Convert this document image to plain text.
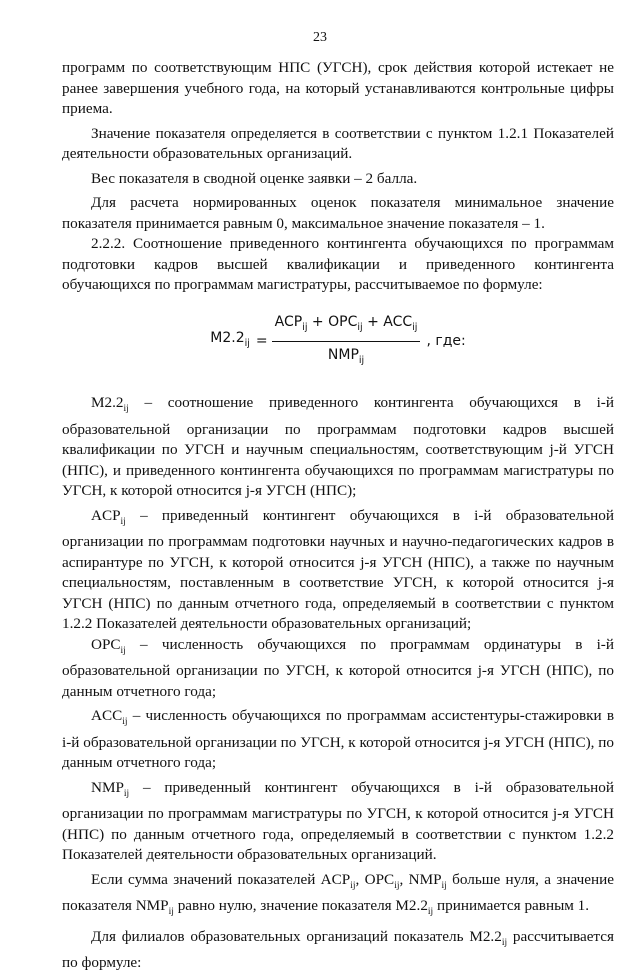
23

программ по соответствующим НПС (УГСН), срок действия которой истекает не ранее завершения учебного года, на который устанавливаются контрольные цифры приема.

Значение показателя определяется в соответствии с пунктом 1.2.1 Показателей деятельности образовательных организаций.

Вес показателя в сводной оценке заявки – 2 балла.

Для расчета нормированных оценок показателя минимальное значение показателя принимается равным 0, максимальное значение показателя – 1.

2.2.2. Соотношение приведенного контингента обучающихся по программам подготовки кадров высшей квалификации и приведенного контингента обучающихся по программам магистратуры, рассчитываемое по формуле:

$M2.2_{ij} = \frac{ACP_{ij} + OPC_{ij} + ACC_{ij}}{NMP_{ij}}$ , где:

$M2.2_{ij}$ – соотношение приведенного контингента обучающихся в i-й образовательной организации по программам подготовки кадров высшей квалификации по УГСН и научным специальностям, соответствующим j-й УГСН (НПС), и приведенного контингента обучающихся по программам магистратуры по УГСН, к которой относится j-я УГСН (НПС);

$ACP_{ij}$ – приведенный контингент обучающихся в i-й образовательной организации по программам подготовки научных и научно-педагогических кадров в аспирантуре по УГСН, к которой относится j-я УГСН (НПС), а также по научным специальностям, поставленным в соответствие УГСН, к которой относится j-я УГСН (НПС) по данным отчетного года, определяемый в соответствии с пунктом 1.2.2 Показателей деятельности образовательных организаций;

$OPC_{ij}$ – численность обучающихся по программам ординатуры в i-й образовательной организации по УГСН, к которой относится j-я УГСН (НПС), по данным отчетного года;

$ACC_{ij}$ – численность обучающихся по программам ассистентуры-стажировки в i-й образовательной организации по УГСН, к которой относится j-я УГСН (НПС), по данным отчетного года;

$NMP_{ij}$ – приведенный контингент обучающихся в i-й образовательной организации по программам магистратуры по УГСН, к которой относится j-я УГСН (НПС) по данным отчетного года, определяемый в соответствии с пунктом 1.2.2 Показателей деятельности образовательных организаций.

Если сумма значений показателей $ACP_{ij}$, $OPC_{ij}$, $NMP_{ij}$ больше нуля, а значение показателя $NMP_{ij}$ равно нулю, значение показателя $M2.2_{ij}$ принимается равным 1.

Для филиалов образовательных организаций показатель $M2.2_{ij}$ рассчитывается по формуле:
